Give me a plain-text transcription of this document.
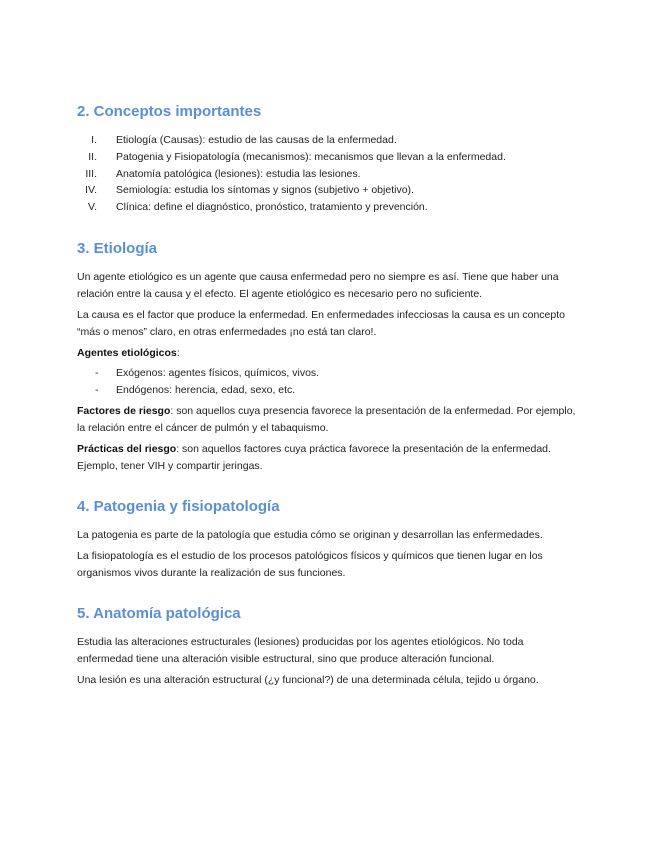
2. Conceptos importantes
I. Etiología (Causas): estudio de las causas de la enfermedad.
II. Patogenia y Fisiopatología (mecanismos): mecanismos que llevan a la enfermedad.
III. Anatomía patológica (lesiones): estudia las lesiones.
IV. Semiología: estudia los síntomas y signos (subjetivo + objetivo).
V. Clínica: define el diagnóstico, pronóstico, tratamiento y prevención.
3. Etiología

Un agente etiológico es un agente que causa enfermedad pero no siempre es así. Tiene que haber una relación entre la causa y el efecto. El agente etiológico es necesario pero no suficiente.

La causa es el factor que produce la enfermedad. En enfermedades infecciosas la causa es un concepto “más o menos” claro, en otras enfermedades ¡no está tan claro!.

Agentes etiológicos:

- Exógenos: agentes físicos, químicos, vivos.
- Endógenos: herencia, edad, sexo, etc.

Factores de riesgo: son aquellos cuya presencia favorece la presentación de la enfermedad. Por ejemplo, la relación entre el cáncer de pulmón y el tabaquismo.

Prácticas del riesgo: son aquellos factores cuya práctica favorece la presentación de la enfermedad. Ejemplo, tener VIH y compartir jeringas.

4. Patogenia y fisiopatología

La patogenia es parte de la patología que estudia cómo se originan y desarrollan las enfermedades.

La fisiopatología es el estudio de los procesos patológicos físicos y químicos que tienen lugar en los organismos vivos durante la realización de sus funciones.

5. Anatomía patológica

Estudia las alteraciones estructurales (lesiones) producidas por los agentes etiológicos. No toda enfermedad tiene una alteración visible estructural, sino que produce alteración funcional.

Una lesión es una alteración estructural (¿y funcional?) de una determinada célula, tejido u órgano.
